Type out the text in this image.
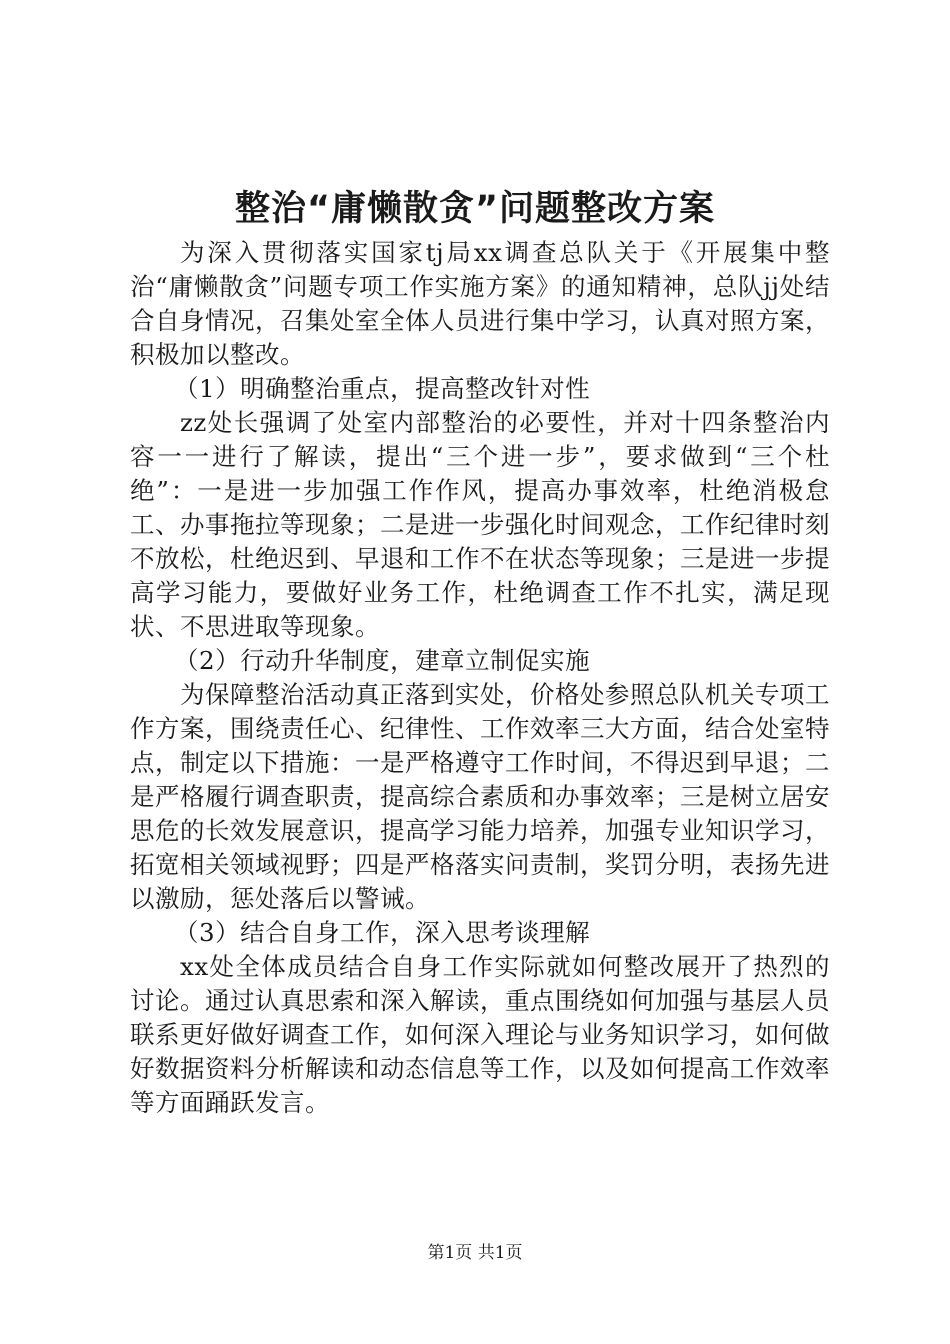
整治“庸懒散贪”问题整改方案

为深入贯彻落实国家tj局xx调查总队关于《开展集中整治“庸懒散贪”问题专项工作实施方案》的通知精神，总队jj处结合自身情况，召集处室全体人员进行集中学习，认真对照方案，积极加以整改。

（1）明确整治重点，提高整改针对性

zz处长强调了处室内部整治的必要性，并对十四条整治内容一一进行了解读，提出“三个进一步”，要求做到“三个杜绝”：一是进一步加强工作作风，提高办事效率，杜绝消极怠工、办事拖拉等现象；二是进一步强化时间观念，工作纪律时刻不放松，杜绝迟到、早退和工作不在状态等现象；三是进一步提高学习能力，要做好业务工作，杜绝调查工作不扎实，满足现状、不思进取等现象。

（2）行动升华制度，建章立制促实施

为保障整治活动真正落到实处，价格处参照总队机关专项工作方案，围绕责任心、纪律性、工作效率三大方面，结合处室特点，制定以下措施：一是严格遵守工作时间，不得迟到早退；二是严格履行调查职责，提高综合素质和办事效率；三是树立居安思危的长效发展意识，提高学习能力培养，加强专业知识学习，拓宽相关领域视野；四是严格落实问责制，奖罚分明，表扬先进以激励，惩处落后以警诫。

（3）结合自身工作，深入思考谈理解

xx处全体成员结合自身工作实际就如何整改展开了热烈的讨论。通过认真思索和深入解读，重点围绕如何加强与基层人员联系更好做好调查工作，如何深入理论与业务知识学习，如何做好数据资料分析解读和动态信息等工作，以及如何提高工作效率等方面踊跃发言。

第1页 共1页
